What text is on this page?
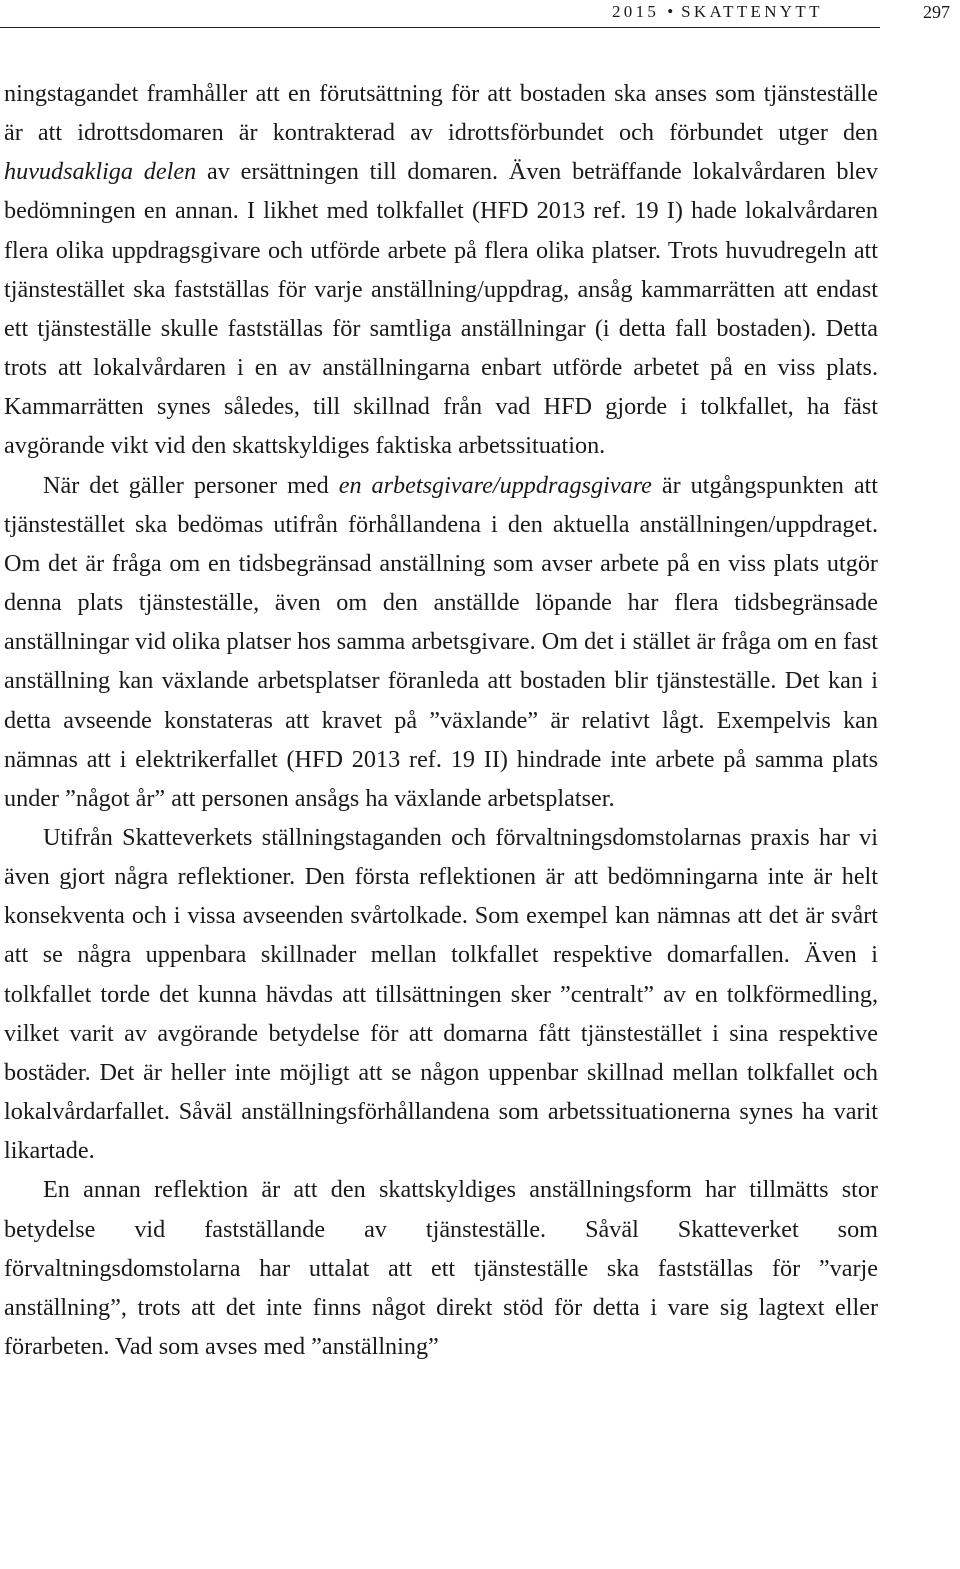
2015 • SKATTENYTT	297

ningstagandet framhåller att en förutsättning för att bostaden ska anses som tjänsteställe är att idrottsdomaren är kontrakterad av idrottsförbundet och förbundet utger den huvudsakliga delen av ersättningen till domaren. Även beträffande lokalvårdaren blev bedömningen en annan. I likhet med tolkfallet (HFD 2013 ref. 19 I) hade lokalvårdaren flera olika uppdragsgivare och utförde arbete på flera olika platser. Trots huvudregeln att tjänstestället ska fastställas för varje anställning/uppdrag, ansåg kammarrätten att endast ett tjänsteställe skulle fastställas för samtliga anställningar (i detta fall bostaden). Detta trots att lokalvårdaren i en av anställningarna enbart utförde arbetet på en viss plats. Kammarrätten synes således, till skillnad från vad HFD gjorde i tolkfallet, ha fäst avgörande vikt vid den skattskyldiges faktiska arbetssituation.

När det gäller personer med en arbetsgivare/uppdragsgivare är utgångspunkten att tjänstestället ska bedömas utifrån förhållandena i den aktuella anställningen/uppdraget. Om det är fråga om en tidsbegränsad anställning som avser arbete på en viss plats utgör denna plats tjänsteställe, även om den anställde löpande har flera tidsbegränsade anställningar vid olika platser hos samma arbetsgivare. Om det i stället är fråga om en fast anställning kan växlande arbetsplatser föranleda att bostaden blir tjänsteställe. Det kan i detta avseende konstateras att kravet på ”växlande” är relativt lågt. Exempelvis kan nämnas att i elektrikerfallet (HFD 2013 ref. 19 II) hindrade inte arbete på samma plats under ”något år” att personen ansågs ha växlande arbetsplatser.

Utifrån Skatteverkets ställningstaganden och förvaltningsdomstolarnas praxis har vi även gjort några reflektioner. Den första reflektionen är att bedömningarna inte är helt konsekventa och i vissa avseenden svårtolkade. Som exempel kan nämnas att det är svårt att se några uppenbara skillnader mellan tolkfallet respektive domarfallen. Även i tolkfallet torde det kunna hävdas att tillsättningen sker ”centralt” av en tolkförmedling, vilket varit av avgörande betydelse för att domarna fått tjänstestället i sina respektive bostäder. Det är heller inte möjligt att se någon uppenbar skillnad mellan tolkfallet och lokalvårdarfallet. Såväl anställningsförhållandena som arbetssituationerna synes ha varit likartade.

En annan reflektion är att den skattskyldiges anställningsform har tillmätts stor betydelse vid fastställande av tjänsteställe. Såväl Skatteverket som förvaltningsdomstolarna har uttalat att ett tjänsteställe ska fastställas för ”varje anställning”, trots att det inte finns något direkt stöd för detta i vare sig lagtext eller förarbeten. Vad som avses med ”anställning”
